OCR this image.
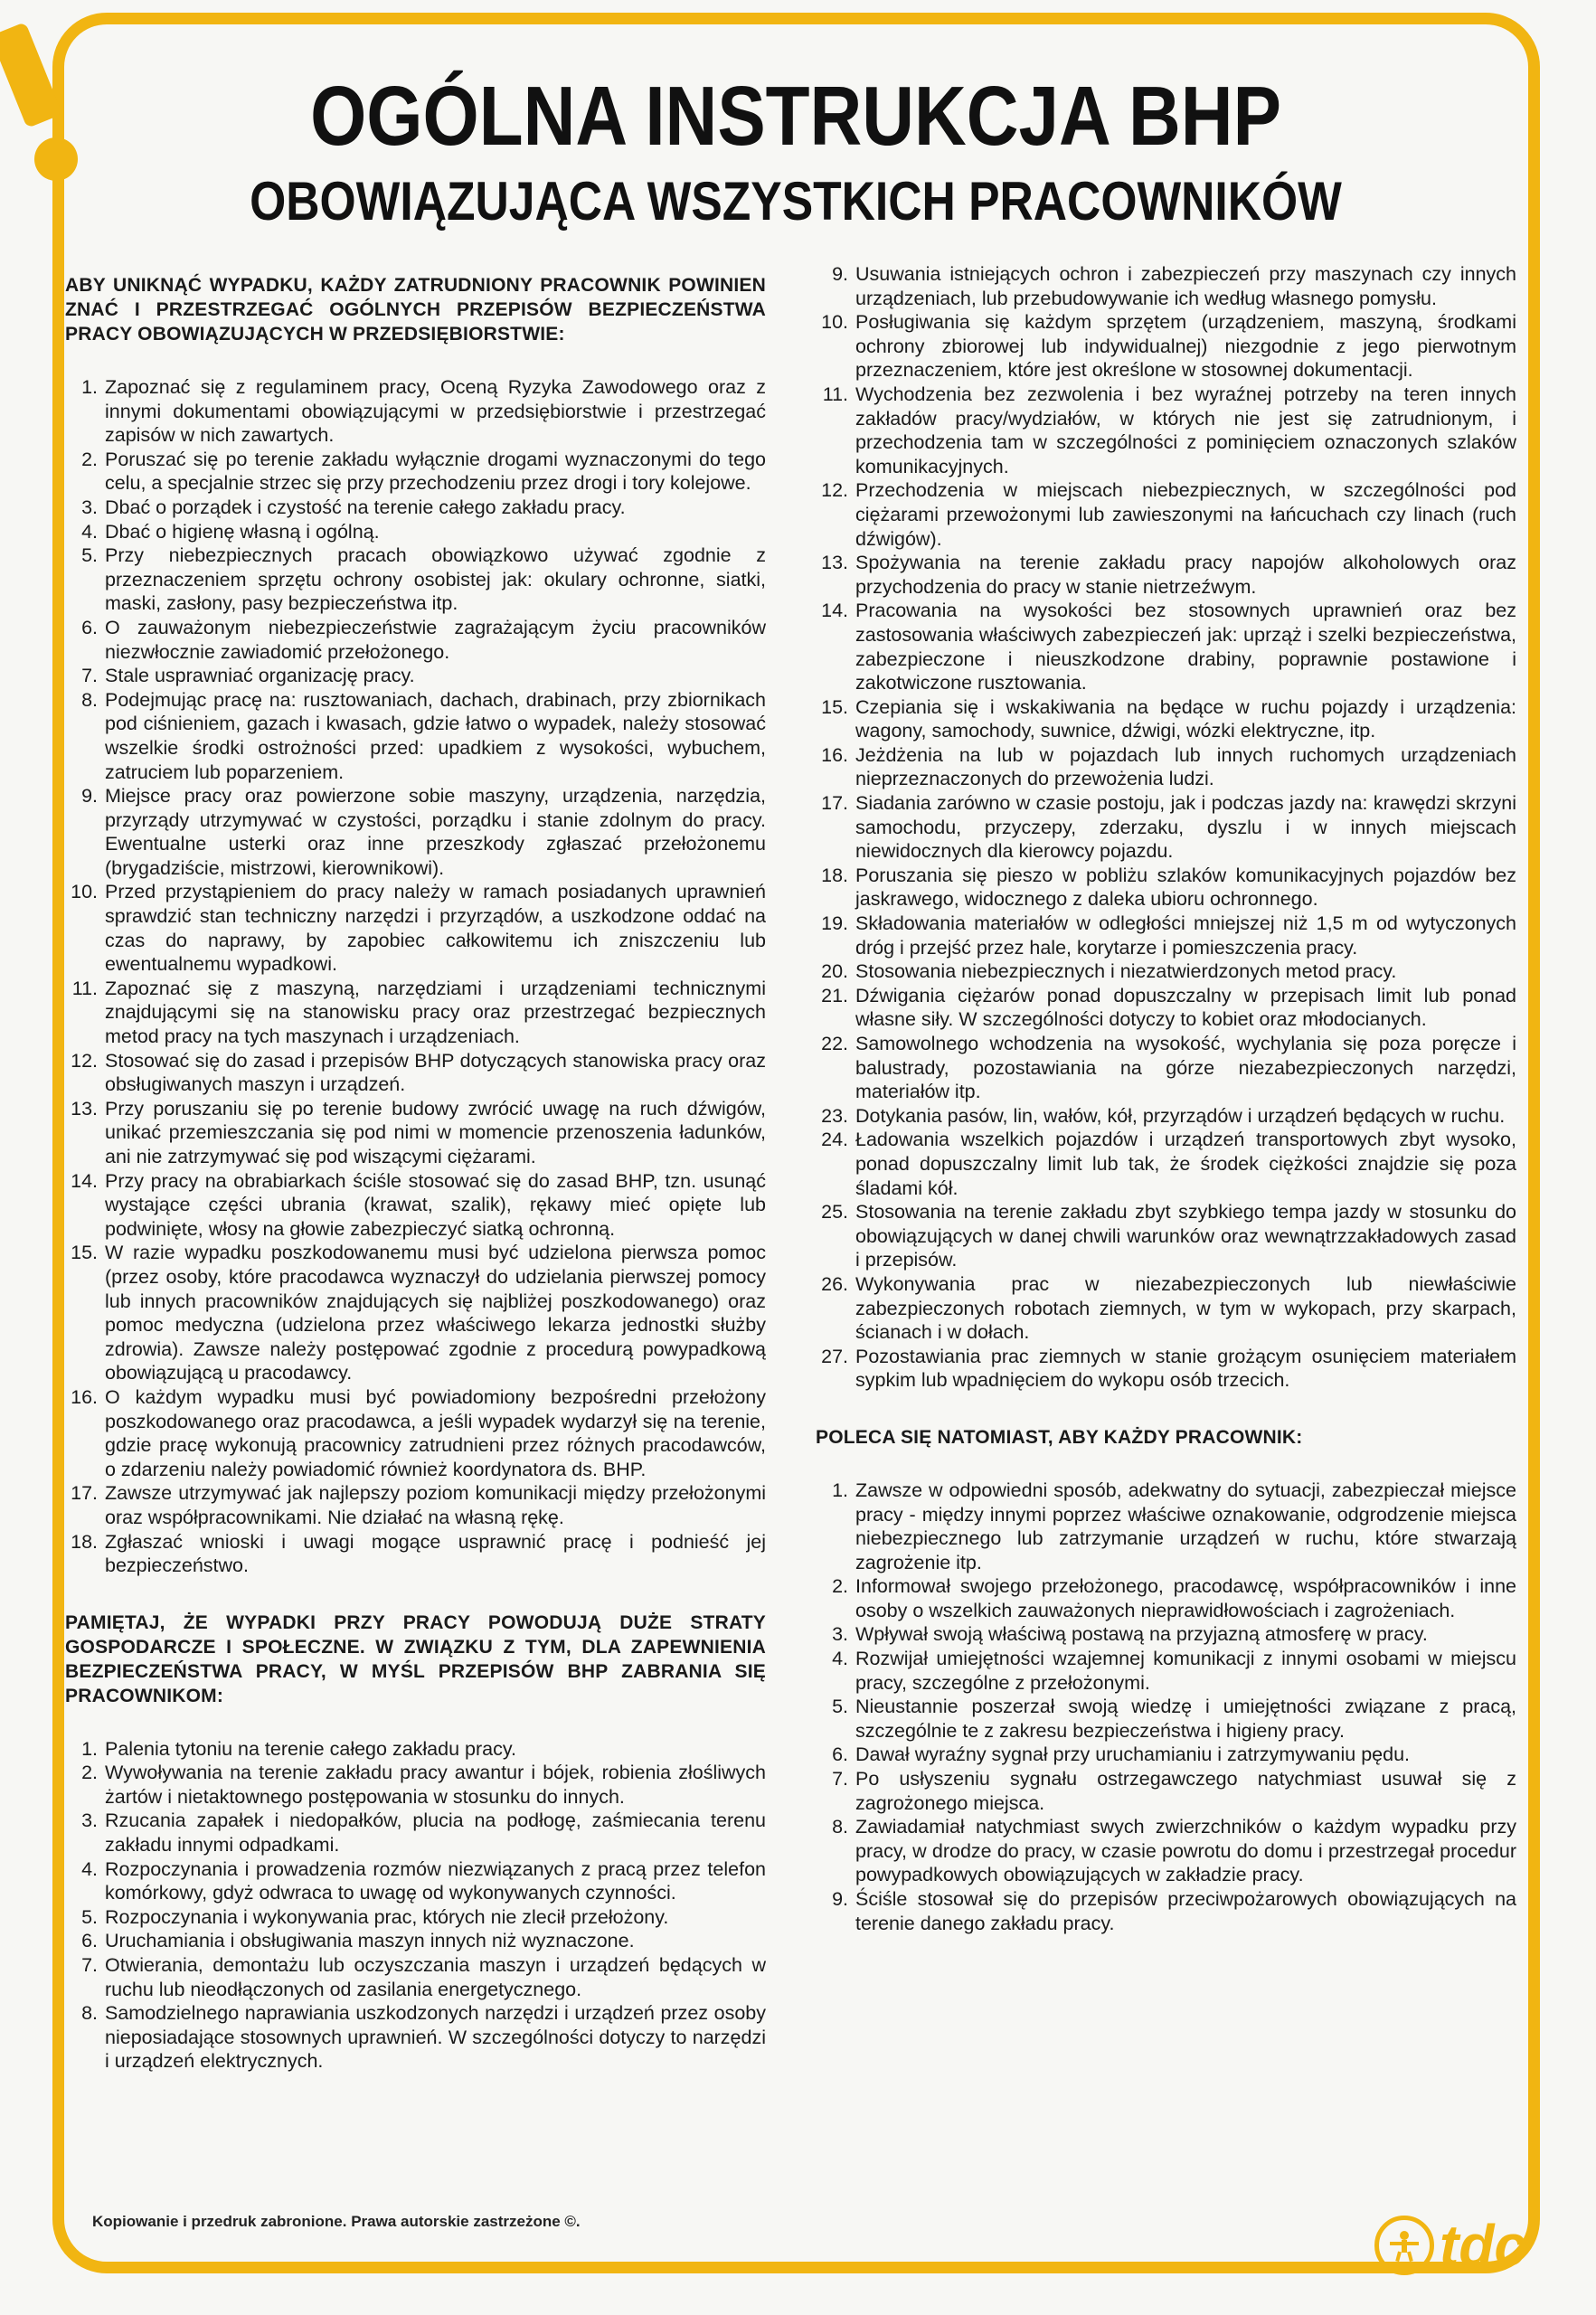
OGÓLNA INSTRUKCJA BHP
OBOWIĄZUJĄCA WSZYSTKICH PRACOWNIKÓW
ABY UNIKNĄĆ WYPADKU, KAŻDY ZATRUDNIONY PRACOWNIK POWINIEN ZNAĆ I PRZESTRZEGAĆ OGÓLNYCH PRZEPISÓW BEZPIECZEŃSTWA PRACY OBOWIĄZUJĄCYCH W PRZEDSIĘBIORSTWIE:
1. Zapoznać się z regulaminem pracy, Oceną Ryzyka Zawodowego oraz z innymi dokumentami obowiązującymi w przedsiębiorstwie i przestrzegać zapisów w nich zawartych.
2. Poruszać się po terenie zakładu wyłącznie drogami wyznaczonymi do tego celu, a specjalnie strzec się przy przechodzeniu przez drogi i tory kolejowe.
3. Dbać o porządek i czystość na terenie całego zakładu pracy.
4. Dbać o higienę własną i ogólną.
5. Przy niebezpiecznych pracach obowiązkowo używać zgodnie z przeznaczeniem sprzętu ochrony osobistej jak: okulary ochronne, siatki, maski, zasłony, pasy bezpieczeństwa itp.
6. O zauważonym niebezpieczeństwie zagrażającym życiu pracowników niezwłocznie zawiadomić przełożonego.
7. Stale usprawniać organizację pracy.
8. Podejmując pracę na: rusztowaniach, dachach, drabinach, przy zbiornikach pod ciśnieniem, gazach i kwasach, gdzie łatwo o wypadek, należy stosować wszelkie środki ostrożności przed: upadkiem z wysokości, wybuchem, zatruciem lub poparzeniem.
9. Miejsce pracy oraz powierzone sobie maszyny, urządzenia, narzędzia, przyrządy utrzymywać w czystości, porządku i stanie zdolnym do pracy. Ewentualne usterki oraz inne przeszkody zgłaszać przełożonemu (brygadziście, mistrzowi, kierownikowi).
10. Przed przystąpieniem do pracy należy w ramach posiadanych uprawnień sprawdzić stan techniczny narzędzi i przyrządów, a uszkodzone oddać na czas do naprawy, by zapobiec całkowitemu ich zniszczeniu lub ewentualnemu wypadkowi.
11. Zapoznać się z maszyną, narzędziami i urządzeniami technicznymi znajdującymi się na stanowisku pracy oraz przestrzegać bezpiecznych metod pracy na tych maszynach i urządzeniach.
12. Stosować się do zasad i przepisów BHP dotyczących stanowiska pracy oraz obsługiwanych maszyn i urządzeń.
13. Przy poruszaniu się po terenie budowy zwrócić uwagę na ruch dźwigów, unikać przemieszczania się pod nimi w momencie przenoszenia ładunków, ani nie zatrzymywać się pod wiszącymi ciężarami.
14. Przy pracy na obrabiarkach ściśle stosować się do zasad BHP, tzn. usunąć wystające części ubrania (krawat, szalik), rękawy mieć opięte lub podwinięte, włosy na głowie zabezpieczyć siatką ochronną.
15. W razie wypadku poszkodowanemu musi być udzielona pierwsza pomoc (przez osoby, które pracodawca wyznaczył do udzielania pierwszej pomocy lub innych pracowników znajdujących się najbliżej poszkodowanego) oraz pomoc medyczna (udzielona przez właściwego lekarza jednostki służby zdrowia). Zawsze należy postępować zgodnie z procedurą powypadkową obowiązującą u pracodawcy.
16. O każdym wypadku musi być powiadomiony bezpośredni przełożony poszkodowanego oraz pracodawca, a jeśli wypadek wydarzył się na terenie, gdzie pracę wykonują pracownicy zatrudnieni przez różnych pracodawców, o zdarzeniu należy powiadomić również koordynatora ds. BHP.
17. Zawsze utrzymywać jak najlepszy poziom komunikacji między przełożonymi oraz współpracownikami. Nie działać na własną rękę.
18. Zgłaszać wnioski i uwagi mogące usprawnić pracę i podnieść jej bezpieczeństwo.
PAMIĘTAJ, ŻE WYPADKI PRZY PRACY POWODUJĄ DUŻE STRATY GOSPODARCZE I SPOŁECZNE. W ZWIĄZKU Z TYM, DLA ZAPEWNIENIA BEZPIECZEŃSTWA PRACY, W MYŚL PRZEPISÓW BHP ZABRANIA SIĘ PRACOWNIKOM:
1. Palenia tytoniu na terenie całego zakładu pracy.
2. Wywoływania na terenie zakładu pracy awantur i bójek, robienia złośliwych żartów i nietaktownego postępowania w stosunku do innych.
3. Rzucania zapałek i niedopałków, plucia na podłogę, zaśmiecania terenu zakładu innymi odpadkami.
4. Rozpoczynania i prowadzenia rozmów niezwiązanych z pracą przez telefon komórkowy, gdyż odwraca to uwagę od wykonywanych czynności.
5. Rozpoczynania i wykonywania prac, których nie zlecił przełożony.
6. Uruchamiania i obsługiwania maszyn innych niż wyznaczone.
7. Otwierania, demontażu lub oczyszczania maszyn i urządzeń będących w ruchu lub nieodłączonych od zasilania energetycznego.
8. Samodzielnego naprawiania uszkodzonych narzędzi i urządzeń przez osoby nieposiadające stosownych uprawnień. W szczególności dotyczy to narzędzi i urządzeń elektrycznych.
9. Usuwania istniejących ochron i zabezpieczeń przy maszynach czy innych urządzeniach, lub przebudowywanie ich według własnego pomysłu.
10. Posługiwania się każdym sprzętem (urządzeniem, maszyną, środkami ochrony zbiorowej lub indywidualnej) niezgodnie z jego pierwotnym przeznaczeniem, które jest określone w stosownej dokumentacji.
11. Wychodzenia bez zezwolenia i bez wyraźnej potrzeby na teren innych zakładów pracy/wydziałów, w których nie jest się zatrudnionym, i przechodzenia tam w szczególności z pominięciem oznaczonych szlaków komunikacyjnych.
12. Przechodzenia w miejscach niebezpiecznych, w szczególności pod ciężarami przewożonymi lub zawieszonymi na łańcuchach czy linach (ruch dźwigów).
13. Spożywania na terenie zakładu pracy napojów alkoholowych oraz przychodzenia do pracy w stanie nietrzeźwym.
14. Pracowania na wysokości bez stosownych uprawnień oraz bez zastosowania właściwych zabezpieczeń jak: uprząż i szelki bezpieczeństwa, zabezpieczone i nieuszkodzone drabiny, poprawnie postawione i zakotwiczone rusztowania.
15. Czepiania się i wskakiwania na będące w ruchu pojazdy i urządzenia: wagony, samochody, suwnice, dźwigi, wózki elektryczne, itp.
16. Jeżdżenia na lub w pojazdach lub innych ruchomych urządzeniach nieprzeznaczonych do przewożenia ludzi.
17. Siadania zarówno w czasie postoju, jak i podczas jazdy na: krawędzi skrzyni samochodu, przyczepy, zderzaku, dyszlu i w innych miejscach niewidocznych dla kierowcy pojazdu.
18. Poruszania się pieszo w pobliżu szlaków komunikacyjnych pojazdów bez jaskrawego, widocznego z daleka ubioru ochronnego.
19. Składowania materiałów w odległości mniejszej niż 1,5 m od wytyczonych dróg i przejść przez hale, korytarze i pomieszczenia pracy.
20. Stosowania niebezpiecznych i niezatwierdzonych metod pracy.
21. Dźwigania ciężarów ponad dopuszczalny w przepisach limit lub ponad własne siły. W szczególności dotyczy to kobiet oraz młodocianych.
22. Samowolnego wchodzenia na wysokość, wychylania się poza poręcze i balustrady, pozostawiania na górze niezabezpieczonych narzędzi, materiałów itp.
23. Dotykania pasów, lin, wałów, kół, przyrządów i urządzeń będących w ruchu.
24. Ładowania wszelkich pojazdów i urządzeń transportowych zbyt wysoko, ponad dopuszczalny limit lub tak, że środek ciężkości znajdzie się poza śladami kół.
25. Stosowania na terenie zakładu zbyt szybkiego tempa jazdy w stosunku do obowiązujących w danej chwili warunków oraz wewnątrzzakładowych zasad i przepisów.
26. Wykonywania prac w niezabezpieczonych lub niewłaściwie zabezpieczonych robotach ziemnych, w tym w wykopach, przy skarpach, ścianach i w dołach.
27. Pozostawiania prac ziemnych w stanie grożącym osunięciem materiałem sypkim lub wpadnięciem do wykopu osób trzecich.
POLECA SIĘ NATOMIAST, ABY KAŻDY PRACOWNIK:
1. Zawsze w odpowiedni sposób, adekwatny do sytuacji, zabezpieczał miejsce pracy - między innymi poprzez właściwe oznakowanie, odgrodzenie miejsca niebezpiecznego lub zatrzymanie urządzeń w ruchu, które stwarzają zagrożenie itp.
2. Informował swojego przełożonego, pracodawcę, współpracowników i inne osoby o wszelkich zauważonych nieprawidłowościach i zagrożeniach.
3. Wpływał swoją właściwą postawą na przyjazną atmosferę w pracy.
4. Rozwijał umiejętności wzajemnej komunikacji z innymi osobami w miejscu pracy, szczególne z przełożonymi.
5. Nieustannie poszerzał swoją wiedzę i umiejętności związane z pracą, szczególnie te z zakresu bezpieczeństwa i higieny pracy.
6. Dawał wyraźny sygnał przy uruchamianiu i zatrzymywaniu pędu.
7. Po usłyszeniu sygnału ostrzegawczego natychmiast usuwał się z zagrożonego miejsca.
8. Zawiadamiał natychmiast swych zwierzchników o każdym wypadku przy pracy, w drodze do pracy, w czasie powrotu do domu i przestrzegał procedur powypadkowych obowiązujących w zakładzie pracy.
9. Ściśle stosował się do przepisów przeciwpożarowych obowiązujących na terenie danego zakładu pracy.
Kopiowanie i przedruk zabronione. Prawa autorskie zastrzeżone ©.	tdc
